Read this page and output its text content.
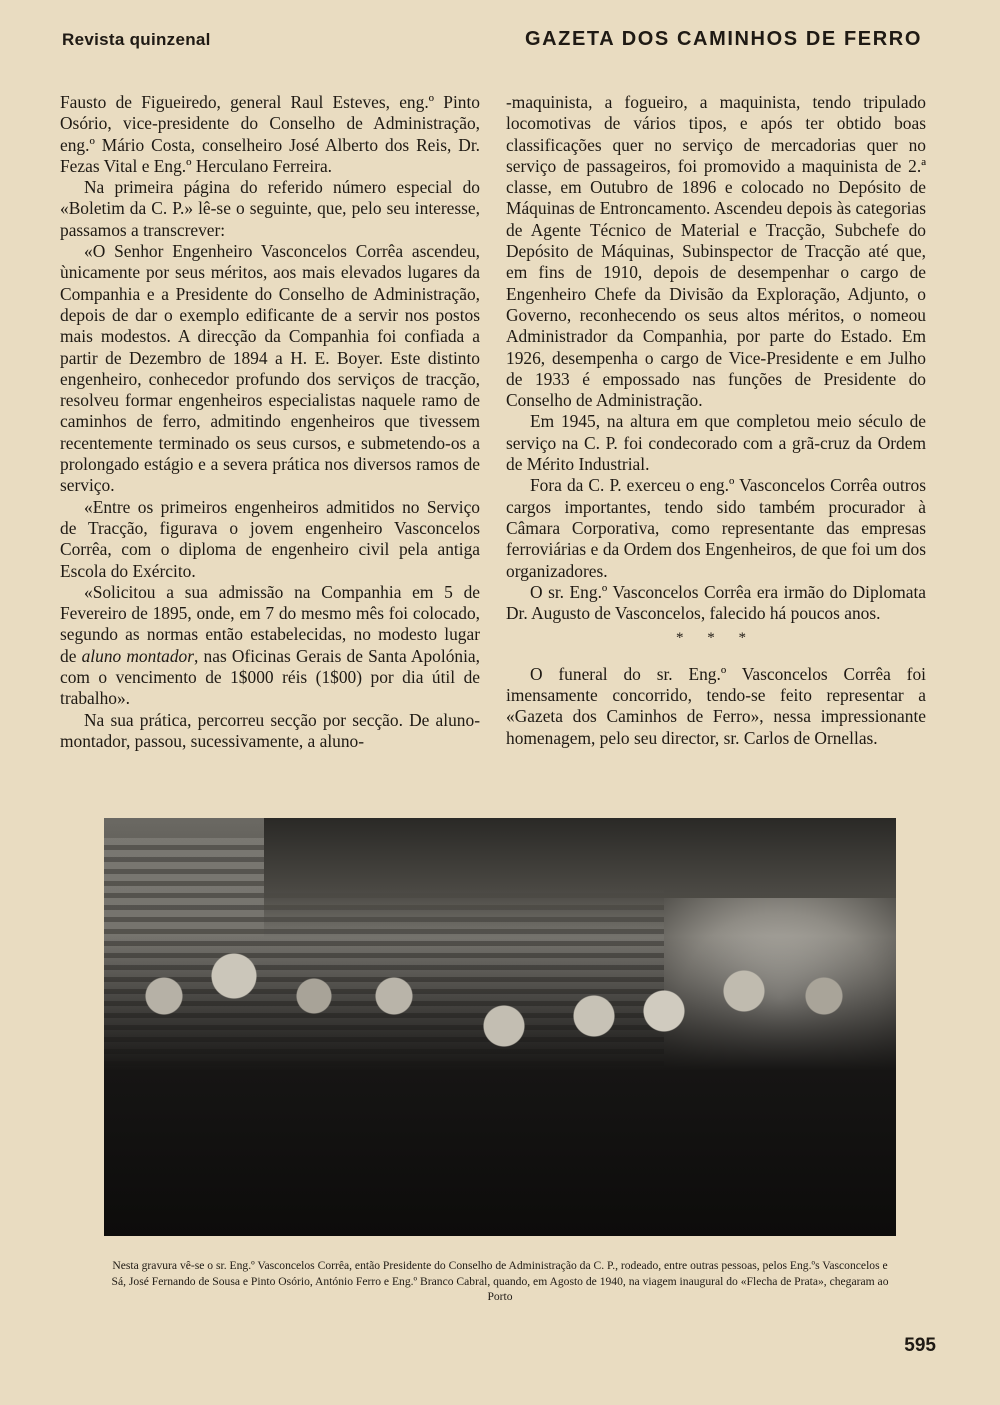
Revista quinzenal	GAZETA DOS CAMINHOS DE FERRO

Fausto de Figueiredo, general Raul Esteves, eng.º Pinto Osório, vice-presidente do Conselho de Administração, eng.º Mário Costa, conselheiro José Alberto dos Reis, Dr. Fezas Vital e Eng.º Herculano Ferreira.

Na primeira página do referido número especial do «Boletim da C. P.» lê-se o seguinte, que, pelo seu interesse, passamos a transcrever:

«O Senhor Engenheiro Vasconcelos Corrêa ascendeu, ùnicamente por seus méritos, aos mais elevados lugares da Companhia e a Presidente do Conselho de Administração, depois de dar o exemplo edificante de a servir nos postos mais modestos. A direcção da Companhia foi confiada a partir de Dezembro de 1894 a H. E. Boyer. Este distinto engenheiro, conhecedor profundo dos serviços de tracção, resolveu formar engenheiros especialistas naquele ramo de caminhos de ferro, admitindo engenheiros que tivessem recentemente terminado os seus cursos, e submetendo-os a prolongado estágio e a severa prática nos diversos ramos de serviço.

«Entre os primeiros engenheiros admitidos no Serviço de Tracção, figurava o jovem engenheiro Vasconcelos Corrêa, com o diploma de engenheiro civil pela antiga Escola do Exército.

«Solicitou a sua admissão na Companhia em 5 de Fevereiro de 1895, onde, em 7 do mesmo mês foi colocado, segundo as normas então estabelecidas, no modesto lugar de aluno montador, nas Oficinas Gerais de Santa Apolónia, com o vencimento de 1$000 réis (1$00) por dia útil de trabalho».

Na sua prática, percorreu secção por secção. De aluno-montador, passou, sucessivamente, a aluno-

-maquinista, a fogueiro, a maquinista, tendo tripulado locomotivas de vários tipos, e após ter obtido boas classificações quer no serviço de mercadorias quer no serviço de passageiros, foi promovido a maquinista de 2.ª classe, em Outubro de 1896 e colocado no Depósito de Máquinas de Entroncamento. Ascendeu depois às categorias de Agente Técnico de Material e Tracção, Subchefe do Depósito de Máquinas, Subinspector de Tracção até que, em fins de 1910, depois de desempenhar o cargo de Engenheiro Chefe da Divisão da Exploração, Adjunto, o Governo, reconhecendo os seus altos méritos, o nomeou Administrador da Companhia, por parte do Estado. Em 1926, desempenha o cargo de Vice-Presidente e em Julho de 1933 é empossado nas funções de Presidente do Conselho de Administração.

Em 1945, na altura em que completou meio século de serviço na C. P. foi condecorado com a grã-cruz da Ordem de Mérito Industrial.

Fora da C. P. exerceu o eng.º Vasconcelos Corrêa outros cargos importantes, tendo sido também procurador à Câmara Corporativa, como representante das empresas ferroviárias e da Ordem dos Engenheiros, de que foi um dos organizadores.

O sr. Eng.º Vasconcelos Corrêa era irmão do Diplomata Dr. Augusto de Vasconcelos, falecido há poucos anos.

* * *

O funeral do sr. Eng.º Vasconcelos Corrêa foi imensamente concorrido, tendo-se feito representar a «Gazeta dos Caminhos de Ferro», nessa impressionante homenagem, pelo seu director, sr. Carlos de Ornellas.

Nesta gravura vê-se o sr. Eng.º Vasconcelos Corrêa, então Presidente do Conselho de Administração da C. P., rodeado, entre outras pessoas, pelos Eng.ºs Vasconcelos e Sá, José Fernando de Sousa e Pinto Osório, António Ferro e Eng.º Branco Cabral, quando, em Agosto de 1940, na viagem inaugural do «Flecha de Prata», chegaram ao Porto
595
